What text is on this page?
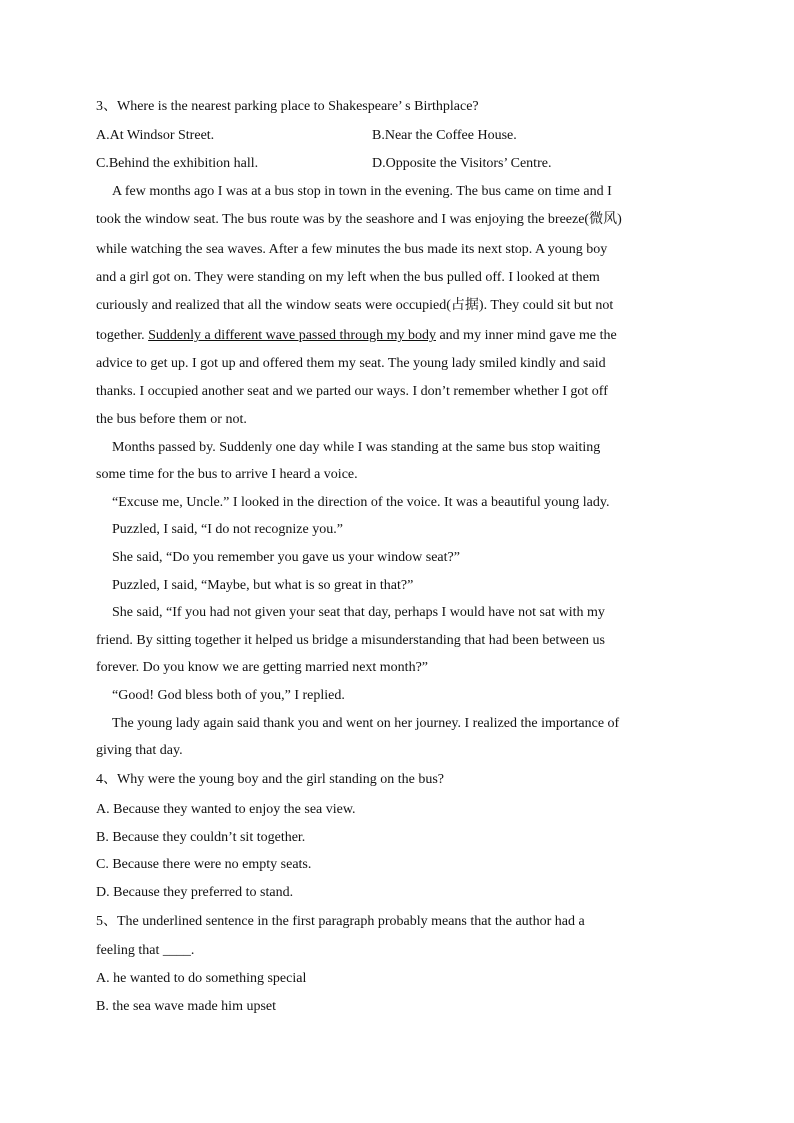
3、Where is the nearest parking place to Shakespeare’ s Birthplace?
A.At Windsor Street.	B.Near the Coffee House.
C.Behind the exhibition hall.	D.Opposite the Visitors’ Centre.
A few months ago I was at a bus stop in town in the evening. The bus came on time and I
took the window seat. The bus route was by the seashore and I was enjoying the breeze(微风)
while watching the sea waves. After a few minutes the bus made its next stop. A young boy
and a girl got on. They were standing on my left when the bus pulled off. I looked at them
curiously and realized that all the window seats were occupied(占据). They could sit but not
together. Suddenly a different wave passed through my body and my inner mind gave me the
advice to get up. I got up and offered them my seat. The young lady smiled kindly and said
thanks. I occupied another seat and we parted our ways. I don’t remember whether I got off
the bus before them or not.
Months passed by. Suddenly one day while I was standing at the same bus stop waiting
some time for the bus to arrive I heard a voice.
“Excuse me, Uncle.” I looked in the direction of the voice. It was a beautiful young lady.
Puzzled, I said, “I do not recognize you.”
She said, “Do you remember you gave us your window seat?”
Puzzled, I said, “Maybe, but what is so great in that?”
She said, “If you had not given your seat that day, perhaps I would have not sat with my
friend. By sitting together it helped us bridge a misunderstanding that had been between us
forever. Do you know we are getting married next month?”
“Good! God bless both of you,” I replied.
The young lady again said thank you and went on her journey. I realized the importance of
giving that day.
4、Why were the young boy and the girl standing on the bus?
A. Because they wanted to enjoy the sea view.
B. Because they couldn’t sit together.
C. Because there were no empty seats.
D. Because they preferred to stand.
5、The underlined sentence in the first paragraph probably means that the author had a
feeling that ____.
A. he wanted to do something special
B. the sea wave made him upset
